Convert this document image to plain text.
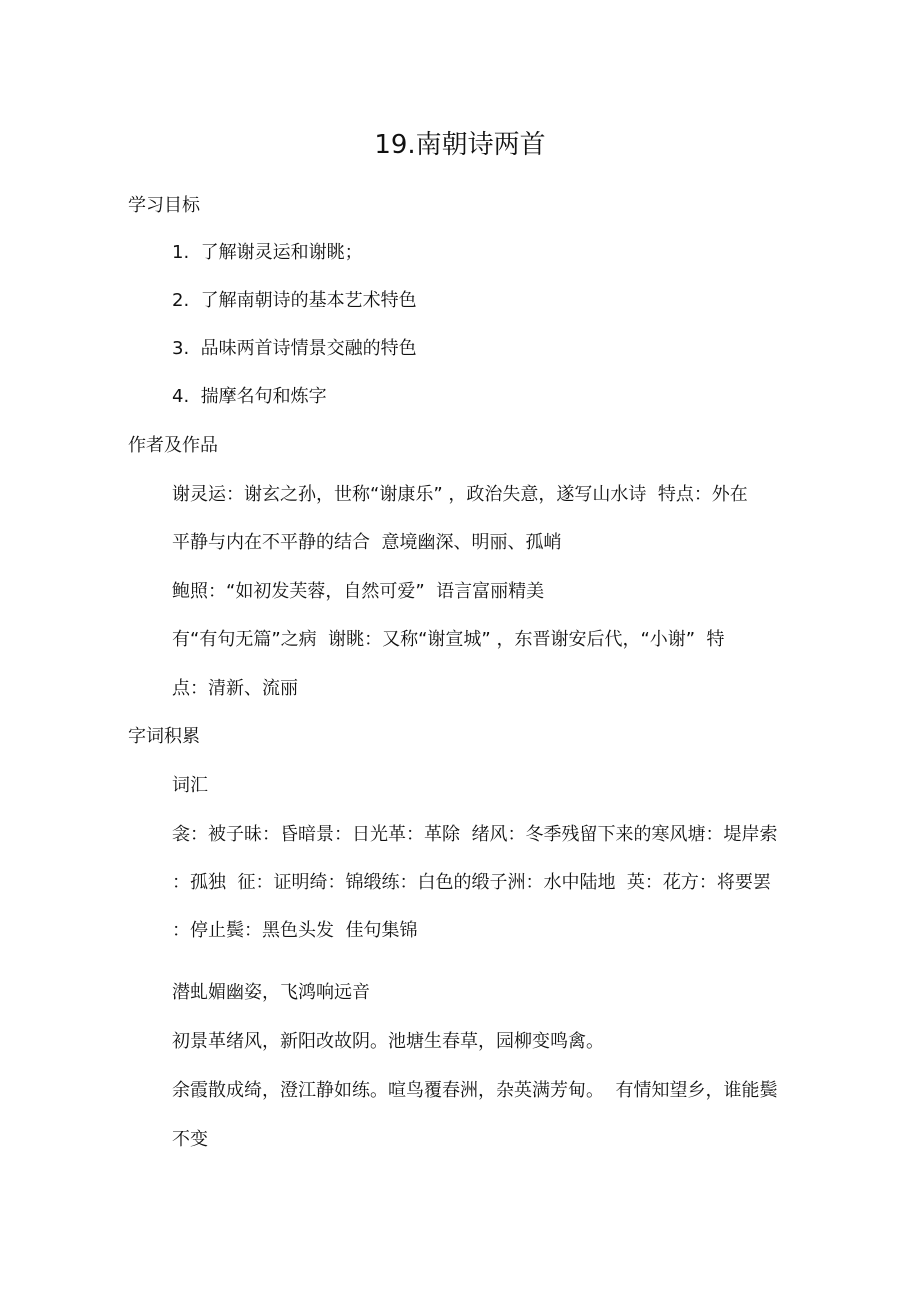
19.南朝诗两首
学习目标
1.  了解谢灵运和谢眺；
2.  了解南朝诗的基本艺术特色
3.  品味两首诗情景交融的特色
4.  揣摩名句和炼字
作者及作品
谢灵运：谢玄之孙，世称“谢康乐” ，政治失意，遂写山水诗  特点：外在
平静与内在不平静的结合  意境幽深、明丽、孤峭
鲍照：“如初发芙蓉，自然可爱”  语言富丽精美
有“有句无篇”之病  谢眺：又称“谢宣城” ，东晋谢安后代，“小谢”  特
点：清新、流丽
字词积累
词汇
衾：被子昧：昏暗景：日光革：革除  绪风：冬季残留下来的寒风塘：堤岸索
：孤独  征：证明绮：锦缎练：白色的缎子洲：水中陆地  英：花方：将要罢
：停止鬓：黑色头发  佳句集锦
潜虬媚幽姿，飞鸿响远音
初景革绪风，新阳改故阴。池塘生春草，园柳变鸣禽。
余霞散成绮，澄江静如练。喧鸟覆春洲，杂英满芳甸。  有情知望乡，谁能鬓
不变
